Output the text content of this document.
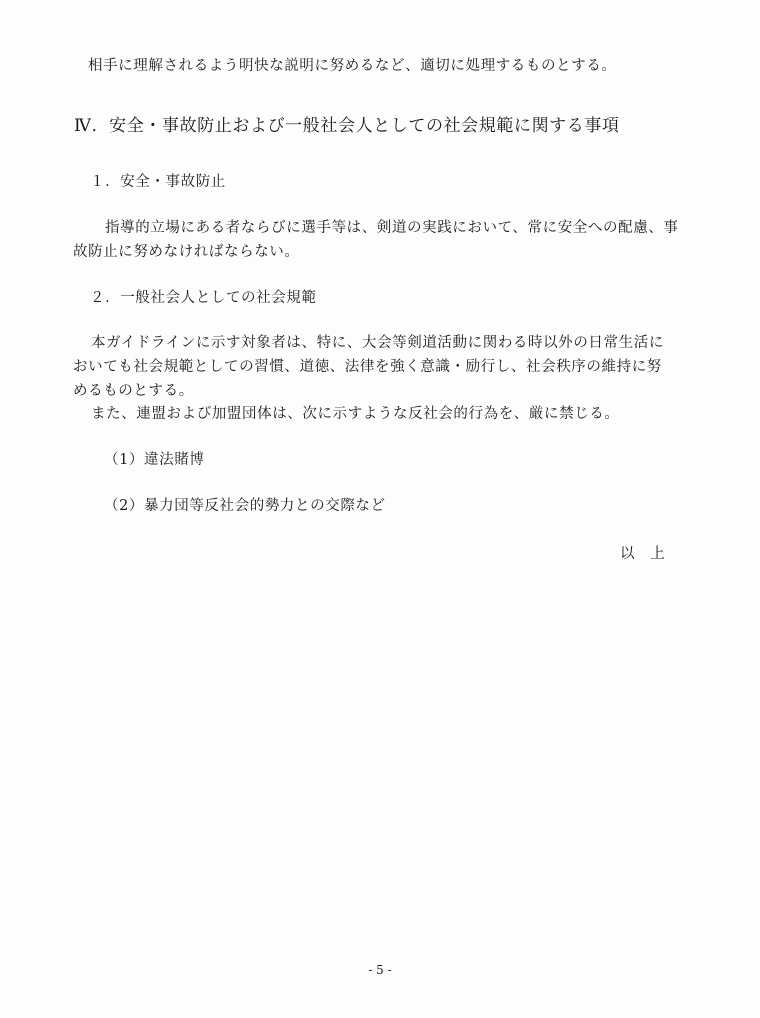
相手に理解されるよう明快な説明に努めるなど、適切に処理するものとする。
Ⅳ．安全・事故防止および一般社会人としての社会規範に関する事項
１．安全・事故防止
指導的立場にある者ならびに選手等は、剣道の実践において、常に安全への配慮、事
故防止に努めなければならない。
２．一般社会人としての社会規範
本ガイドラインに示す対象者は、特に、大会等剣道活動に関わる時以外の日常生活に
おいても社会規範としての習慣、道徳、法律を強く意識・励行し、社会秩序の維持に努
めるものとする。
また、連盟および加盟団体は、次に示すような反社会的行為を、厳に禁じる。
（1）違法賭博
（2）暴力団等反社会的勢力との交際など
以　上
- 5 -
